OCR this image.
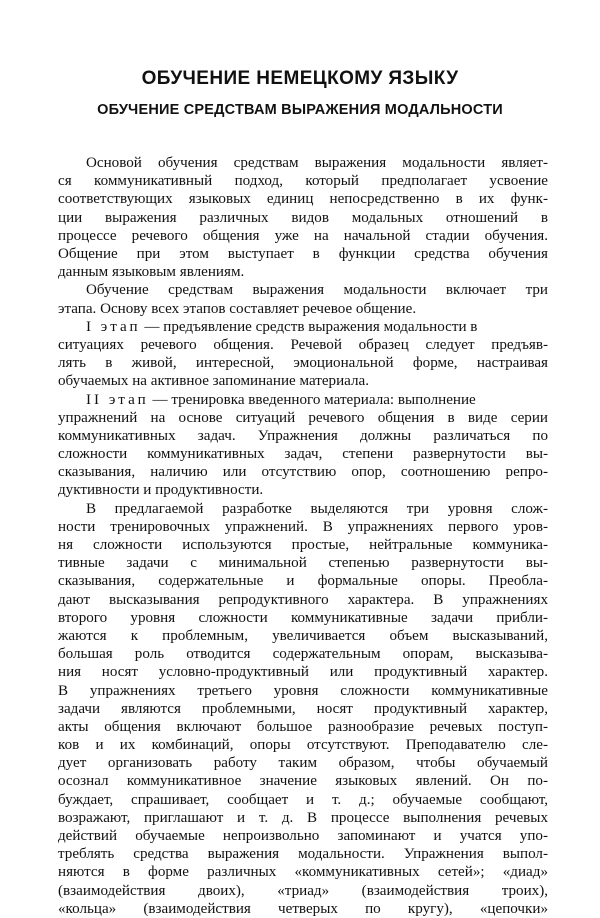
ОБУЧЕНИЕ НЕМЕЦКОМУ ЯЗЫКУ
ОБУЧЕНИЕ СРЕДСТВАМ ВЫРАЖЕНИЯ МОДАЛЬНОСТИ
Основой обучения средствам выражения модальности являет-
ся коммуникативный подход, который предполагает усвоение
соответствующих языковых единиц непосредственно в их функ-
ции выражения различных видов модальных отношений в
процессе речевого общения уже на начальной стадии обучения.
Общение при этом выступает в функции средства обучения
данным языковым явлениям.
Обучение средствам выражения модальности включает три
этапа. Основу всех этапов составляет речевое общение.
I этап — предъявление средств выражения модальности в
ситуациях речевого общения. Речевой образец следует предъяв-
лять в живой, интересной, эмоциональной форме, настраивая
обучаемых на активное запоминание материала.
II этап — тренировка введенного материала: выполнение
упражнений на основе ситуаций речевого общения в виде серии
коммуникативных задач. Упражнения должны различаться по
сложности коммуникативных задач, степени развернутости вы-
сказывания, наличию или отсутствию опор, соотношению репро-
дуктивности и продуктивности.
В предлагаемой разработке выделяются три уровня слож-
ности тренировочных упражнений. В упражнениях первого уров-
ня сложности используются простые, нейтральные коммуника-
тивные задачи с минимальной степенью развернутости вы-
сказывания, содержательные и формальные опоры. Преобла-
дают высказывания репродуктивного характера. В упражнениях
второго уровня сложности коммуникативные задачи прибли-
жаются к проблемным, увеличивается объем высказываний,
большая роль отводится содержательным опорам, высказыва-
ния носят условно-продуктивный или продуктивный характер.
В упражнениях третьего уровня сложности коммуникативные
задачи являются проблемными, носят продуктивный характер,
акты общения включают большое разнообразие речевых поступ-
ков и их комбинаций, опоры отсутствуют. Преподавателю сле-
дует организовать работу таким образом, чтобы обучаемый
осознал коммуникативное значение языковых явлений. Он по-
буждает, спрашивает, сообщает и т. д.; обучаемые сообщают,
возражают, приглашают и т. д. В процессе выполнения речевых
действий обучаемые непроизвольно запоминают и учатся упо-
треблять средства выражения модальности. Упражнения выпол-
няются в форме различных «коммуникативных сетей»; «диад»
(взаимодействия двоих), «триад» (взаимодействия троих),
«кольца» (взаимодействия четверых по кругу), «цепочки»
